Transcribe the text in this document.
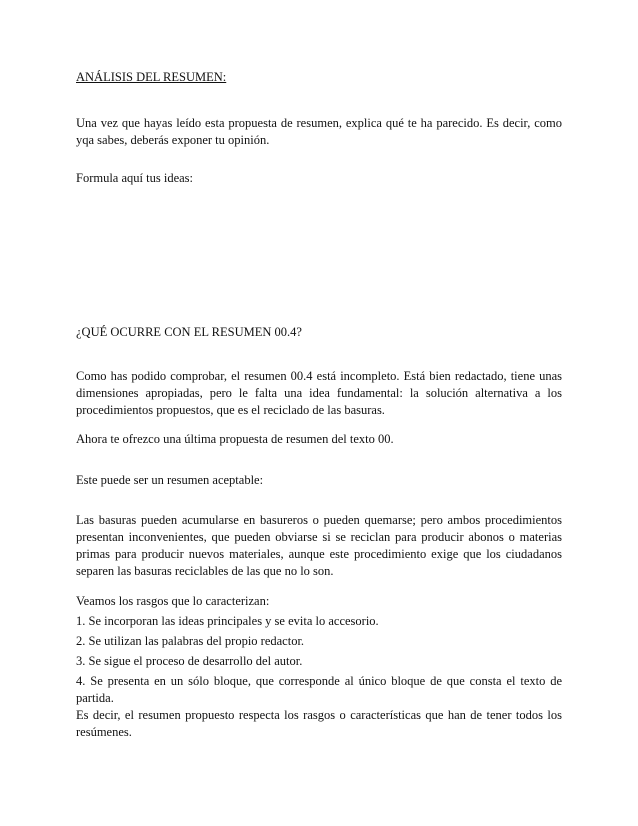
ANÁLISIS DEL RESUMEN:

Una vez que hayas leído esta propuesta de resumen, explica qué te ha parecido. Es decir, como yqa sabes, deberás exponer tu opinión.

Formula aquí tus ideas:

¿QUÉ OCURRE CON EL RESUMEN 00.4?

Como has podido comprobar, el resumen 00.4 está incompleto. Está bien redactado, tiene unas dimensiones apropiadas, pero le falta una idea fundamental: la solución alternativa a los procedimientos propuestos, que es el reciclado de las basuras.

Ahora te ofrezco una última propuesta de resumen del texto 00.

Este puede ser un resumen aceptable:

Las basuras pueden acumularse en basureros o pueden quemarse; pero ambos procedimientos presentan inconvenientes, que pueden obviarse si se reciclan para producir abonos o materias primas para producir nuevos materiales, aunque este procedimiento exige que los ciudadanos separen las basuras reciclables de las que no lo son.

Veamos los rasgos que lo caracterizan:

1. Se incorporan las ideas principales y se evita lo accesorio.

2. Se utilizan las palabras del propio redactor.

3. Se sigue el proceso de desarrollo del autor.

4. Se presenta en un sólo bloque, que corresponde al único bloque de que consta el texto de partida.

Es decir, el resumen propuesto respecta los rasgos o características que han de tener todos los resúmenes.
